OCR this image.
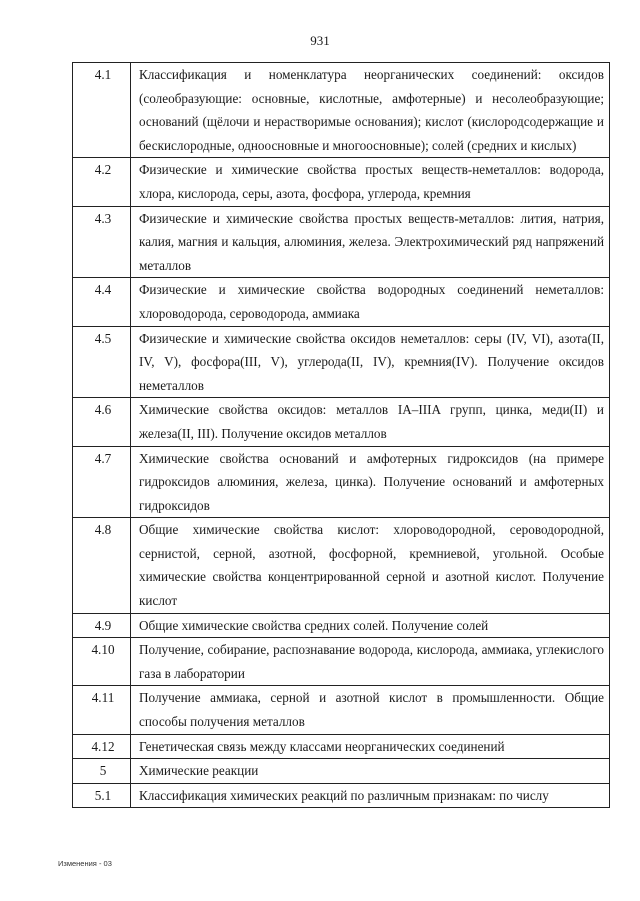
931
4.1	Классификация и номенклатура неорганических соединений: оксидов (солеобразующие: основные, кислотные, амфотерные) и несолеобразующие; оснований (щёлочи и нерастворимые основания); кислот (кислородсодержащие и бескислородные, одноосновные и многоосновные); солей (средних и кислых)
4.2	Физические и химические свойства простых веществ-неметаллов: водорода, хлора, кислорода, серы, азота, фосфора, углерода, кремния
4.3	Физические и химические свойства простых веществ-металлов: лития, натрия, калия, магния и кальция, алюминия, железа. Электрохимический ряд напряжений металлов
4.4	Физические и химические свойства водородных соединений неметаллов: хлороводорода, сероводорода, аммиака
4.5	Физические и химические свойства оксидов неметаллов: серы (IV, VI), азота(II, IV, V), фосфора(III, V), углерода(II, IV), кремния(IV). Получение оксидов неметаллов
4.6	Химические свойства оксидов: металлов IA–IIIA групп, цинка, меди(II) и железа(II, III). Получение оксидов металлов
4.7	Химические свойства оснований и амфотерных гидроксидов (на примере гидроксидов алюминия, железа, цинка). Получение оснований и амфотерных гидроксидов
4.8	Общие химические свойства кислот: хлороводородной, сероводородной, сернистой, серной, азотной, фосфорной, кремниевой, угольной. Особые химические свойства концентрированной серной и азотной кислот. Получение кислот
4.9	Общие химические свойства средних солей. Получение солей
4.10	Получение, собирание, распознавание водорода, кислорода, аммиака, углекислого газа в лаборатории
4.11	Получение аммиака, серной и азотной кислот в промышленности. Общие способы получения металлов
4.12	Генетическая связь между классами неорганических соединений
5	Химические реакции
5.1	Классификация химических реакций по различным признакам: по числу
Изменения - 03
